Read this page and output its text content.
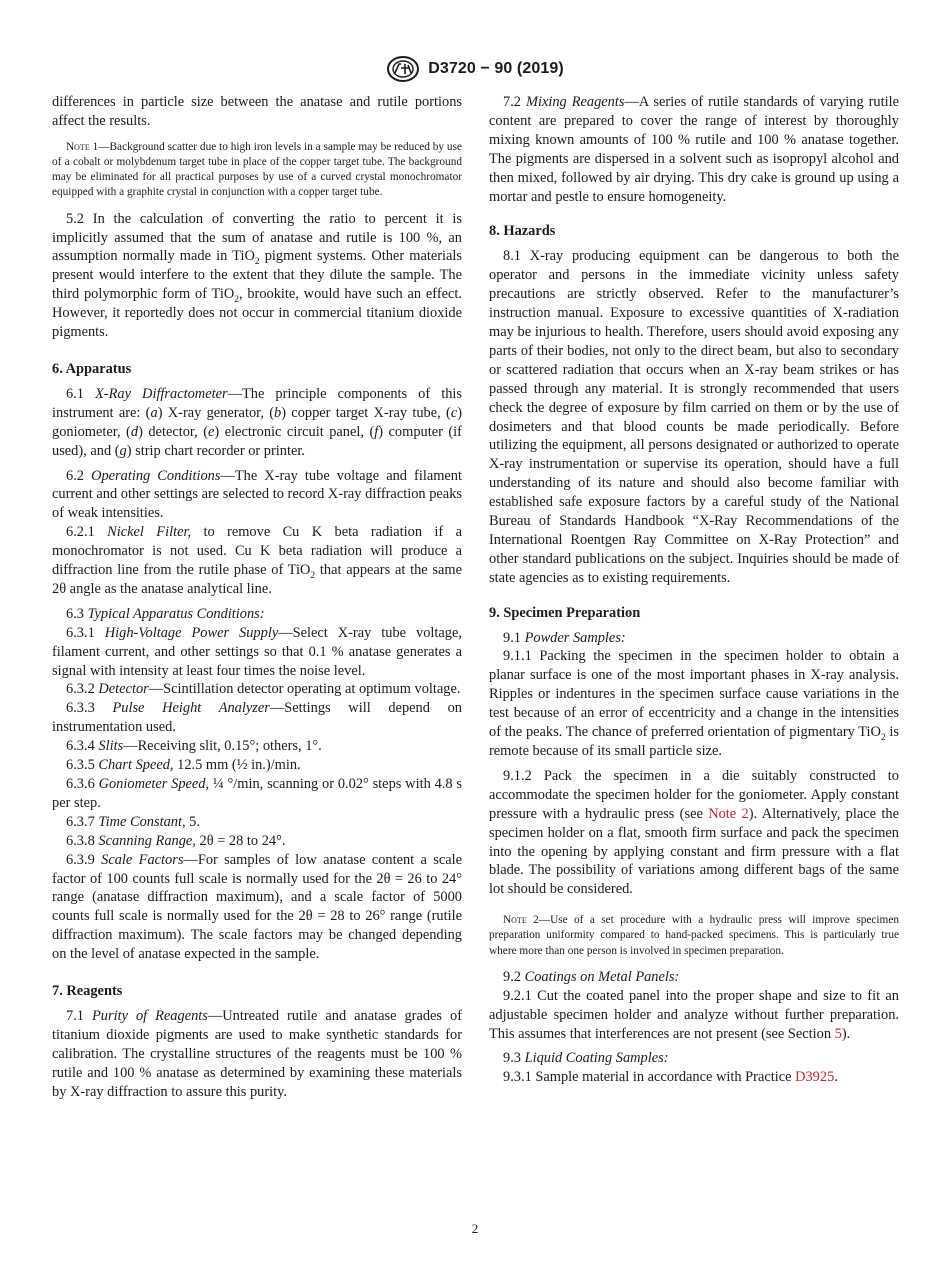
D3720 − 90 (2019)

differences in particle size between the anatase and rutile portions affect the results.

Note 1—Background scatter due to high iron levels in a sample may be reduced by use of a cobalt or molybdenum target tube in place of the copper target tube. The background may be eliminated for all practical purposes by use of a curved crystal monochromator equipped with a graphite crystal in conjunction with a copper target tube.

5.2 In the calculation of converting the ratio to percent it is implicitly assumed that the sum of anatase and rutile is 100 %, an assumption normally made in TiO$_2$ pigment systems. Other materials present would interfere to the extent that they dilute the sample. The third polymorphic form of TiO$_2$, brookite, would have such an effect. However, it reportedly does not occur in commercial titanium dioxide pigments.

6. Apparatus

6.1 X-Ray Diffractometer—The principle components of this instrument are: (a) X-ray generator, (b) copper target X-ray tube, (c) goniometer, (d) detector, (e) electronic circuit panel, (f) computer (if used), and (g) strip chart recorder or printer.

6.2 Operating Conditions—The X-ray tube voltage and filament current and other settings are selected to record X-ray diffraction peaks of weak intensities.

6.2.1 Nickel Filter, to remove Cu K beta radiation if a monochromator is not used. Cu K beta radiation will produce a diffraction line from the rutile phase of TiO$_2$ that appears at the same 2θ angle as the anatase analytical line.

6.3 Typical Apparatus Conditions:

6.3.1 High-Voltage Power Supply—Select X-ray tube voltage, filament current, and other settings so that 0.1 % anatase generates a signal with intensity at least four times the noise level.

6.3.2 Detector—Scintillation detector operating at optimum voltage.

6.3.3 Pulse Height Analyzer—Settings will depend on instrumentation used.

6.3.4 Slits—Receiving slit, 0.15°; others, 1°.

6.3.5 Chart Speed, 12.5 mm (½ in.)/min.

6.3.6 Goniometer Speed, ¼ °/min, scanning or 0.02° steps with 4.8 s per step.

6.3.7 Time Constant, 5.

6.3.8 Scanning Range, 2θ = 28 to 24°.

6.3.9 Scale Factors—For samples of low anatase content a scale factor of 100 counts full scale is normally used for the 2θ = 26 to 24° range (anatase diffraction maximum), and a scale factor of 5000 counts full scale is normally used for the 2θ = 28 to 26° range (rutile diffraction maximum). The scale factors may be changed depending on the level of anatase expected in the sample.

7. Reagents

7.1 Purity of Reagents—Untreated rutile and anatase grades of titanium dioxide pigments are used to make synthetic standards for calibration. The crystalline structures of the reagents must be 100 % rutile and 100 % anatase as determined by examining these materials by X-ray diffraction to assure this purity.

7.2 Mixing Reagents—A series of rutile standards of varying rutile content are prepared to cover the range of interest by thoroughly mixing known amounts of 100 % rutile and 100 % anatase together. The pigments are dispersed in a solvent such as isopropyl alcohol and then mixed, followed by air drying. This dry cake is ground up using a mortar and pestle to ensure homogeneity.

8. Hazards

8.1 X-ray producing equipment can be dangerous to both the operator and persons in the immediate vicinity unless safety precautions are strictly observed. Refer to the manufacturer’s instruction manual. Exposure to excessive quantities of X-radiation may be injurious to health. Therefore, users should avoid exposing any parts of their bodies, not only to the direct beam, but also to secondary or scattered radiation that occurs when an X-ray beam strikes or has passed through any material. It is strongly recommended that users check the degree of exposure by film carried on them or by the use of dosimeters and that blood counts be made periodically. Before utilizing the equipment, all persons designated or authorized to operate X-ray instrumentation or supervise its operation, should have a full understanding of its nature and should also become familiar with established safe exposure factors by a careful study of the National Bureau of Standards Handbook “X-Ray Recommendations of the International Roentgen Ray Committee on X-Ray Protection” and other standard publications on the subject. Inquiries should be made of state agencies as to existing requirements.

9. Specimen Preparation

9.1 Powder Samples:

9.1.1 Packing the specimen in the specimen holder to obtain a planar surface is one of the most important phases in X-ray analysis. Ripples or indentures in the specimen surface cause variations in the test because of an error of eccentricity and a change in the intensities of the peaks. The chance of preferred orientation of pigmentary TiO$_2$ is remote because of its small particle size.

9.1.2 Pack the specimen in a die suitably constructed to accommodate the specimen holder for the goniometer. Apply constant pressure with a hydraulic press (see Note 2). Alternatively, place the specimen holder on a flat, smooth firm surface and pack the specimen into the opening by applying constant and firm pressure with a flat blade. The possibility of variations among different bags of the same lot should be considered.

Note 2—Use of a set procedure with a hydraulic press will improve specimen preparation uniformity compared to hand-packed specimens. This is particularly true where more than one person is involved in specimen preparation.

9.2 Coatings on Metal Panels:

9.2.1 Cut the coated panel into the proper shape and size to fit an adjustable specimen holder and analyze without further preparation. This assumes that interferences are not present (see Section 5).

9.3 Liquid Coating Samples:

9.3.1 Sample material in accordance with Practice D3925.

2
